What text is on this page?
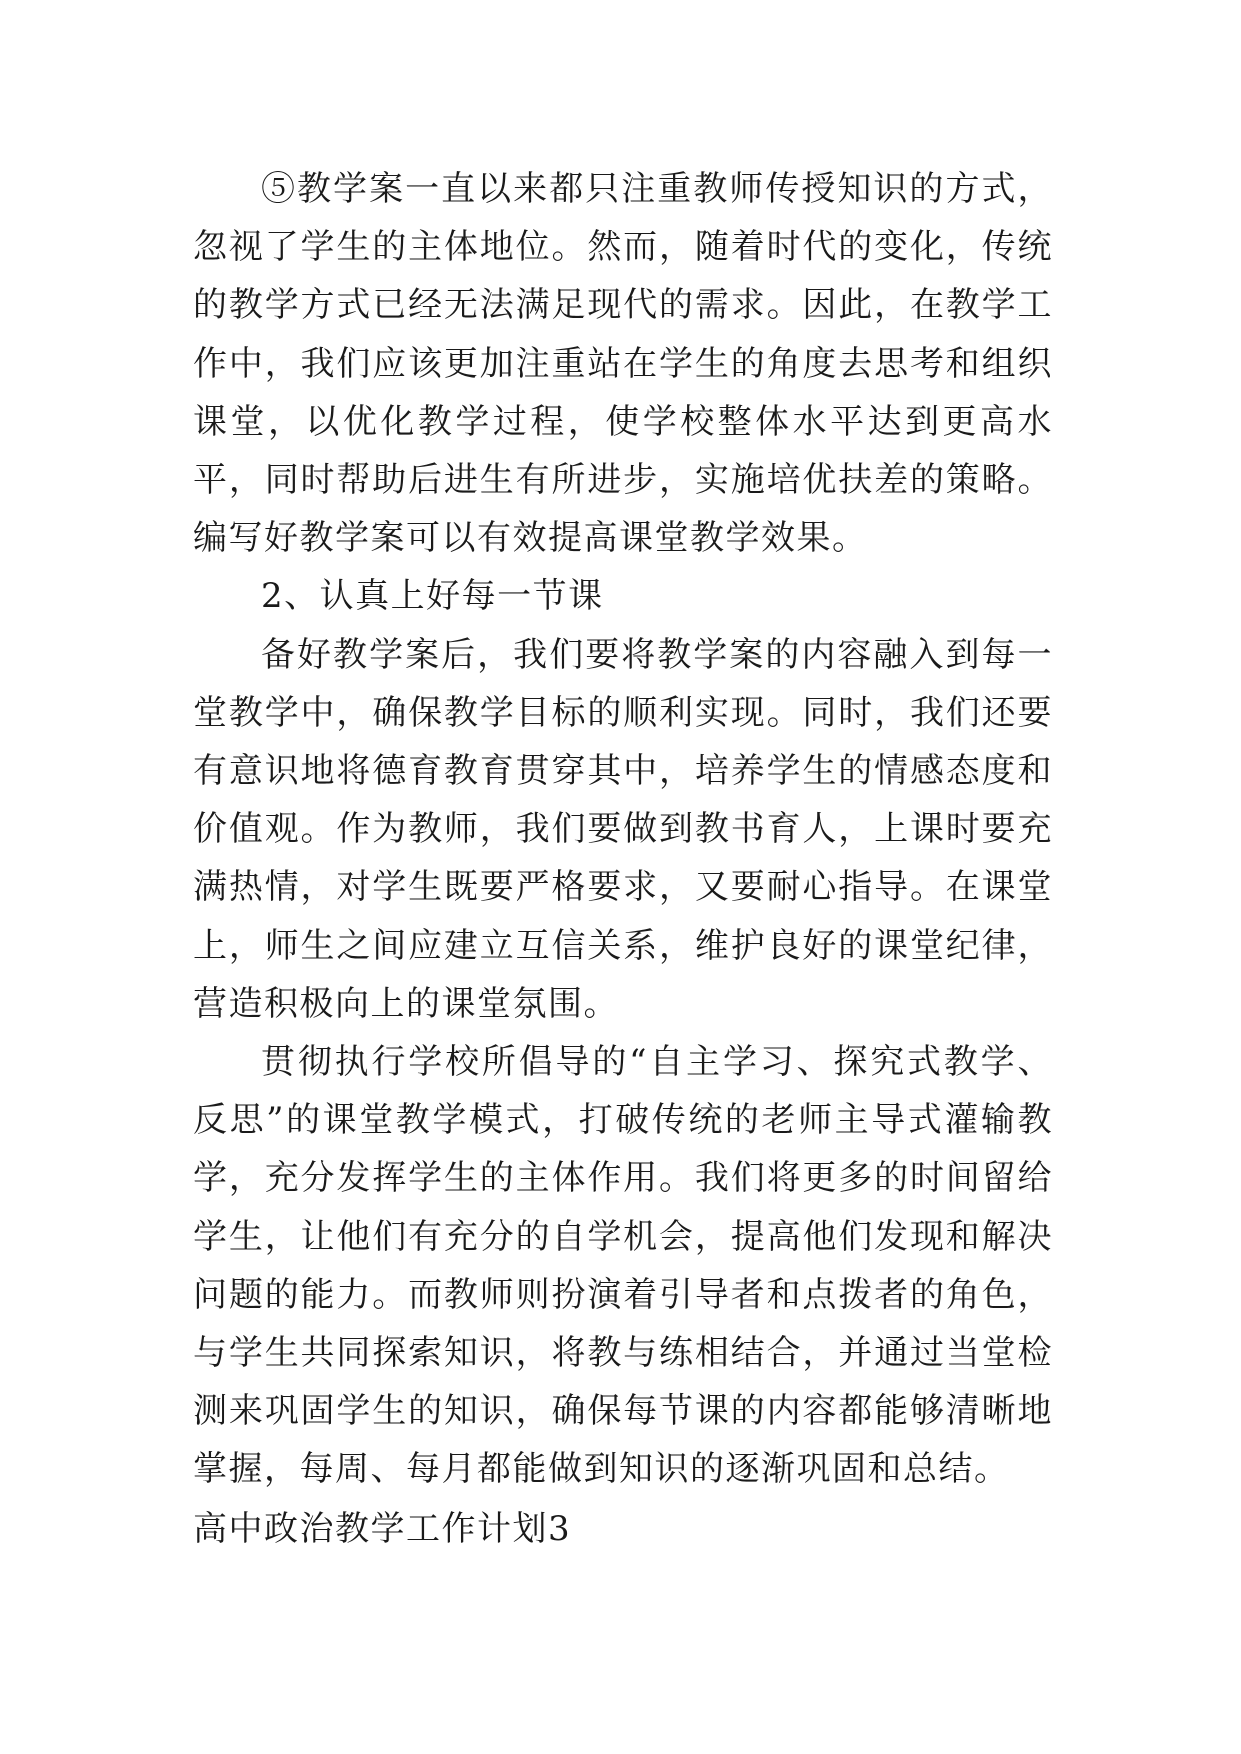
⑤教学案一直以来都只注重教师传授知识的方式，忽视了学生的主体地位。然而，随着时代的变化，传统的教学方式已经无法满足现代的需求。因此，在教学工作中，我们应该更加注重站在学生的角度去思考和组织课堂，以优化教学过程，使学校整体水平达到更高水平，同时帮助后进生有所进步，实施培优扶差的策略。编写好教学案可以有效提高课堂教学效果。

2、认真上好每一节课

备好教学案后，我们要将教学案的内容融入到每一堂教学中，确保教学目标的顺利实现。同时，我们还要有意识地将德育教育贯穿其中，培养学生的情感态度和价值观。作为教师，我们要做到教书育人，上课时要充满热情，对学生既要严格要求，又要耐心指导。在课堂上，师生之间应建立互信关系，维护良好的课堂纪律，营造积极向上的课堂氛围。

贯彻执行学校所倡导的“自主学习、探究式教学、反思”的课堂教学模式，打破传统的老师主导式灌输教学，充分发挥学生的主体作用。我们将更多的时间留给学生，让他们有充分的自学机会，提高他们发现和解决问题的能力。而教师则扮演着引导者和点拨者的角色，与学生共同探索知识，将教与练相结合，并通过当堂检测来巩固学生的知识，确保每节课的内容都能够清晰地掌握，每周、每月都能做到知识的逐渐巩固和总结。

高中政治教学工作计划3
